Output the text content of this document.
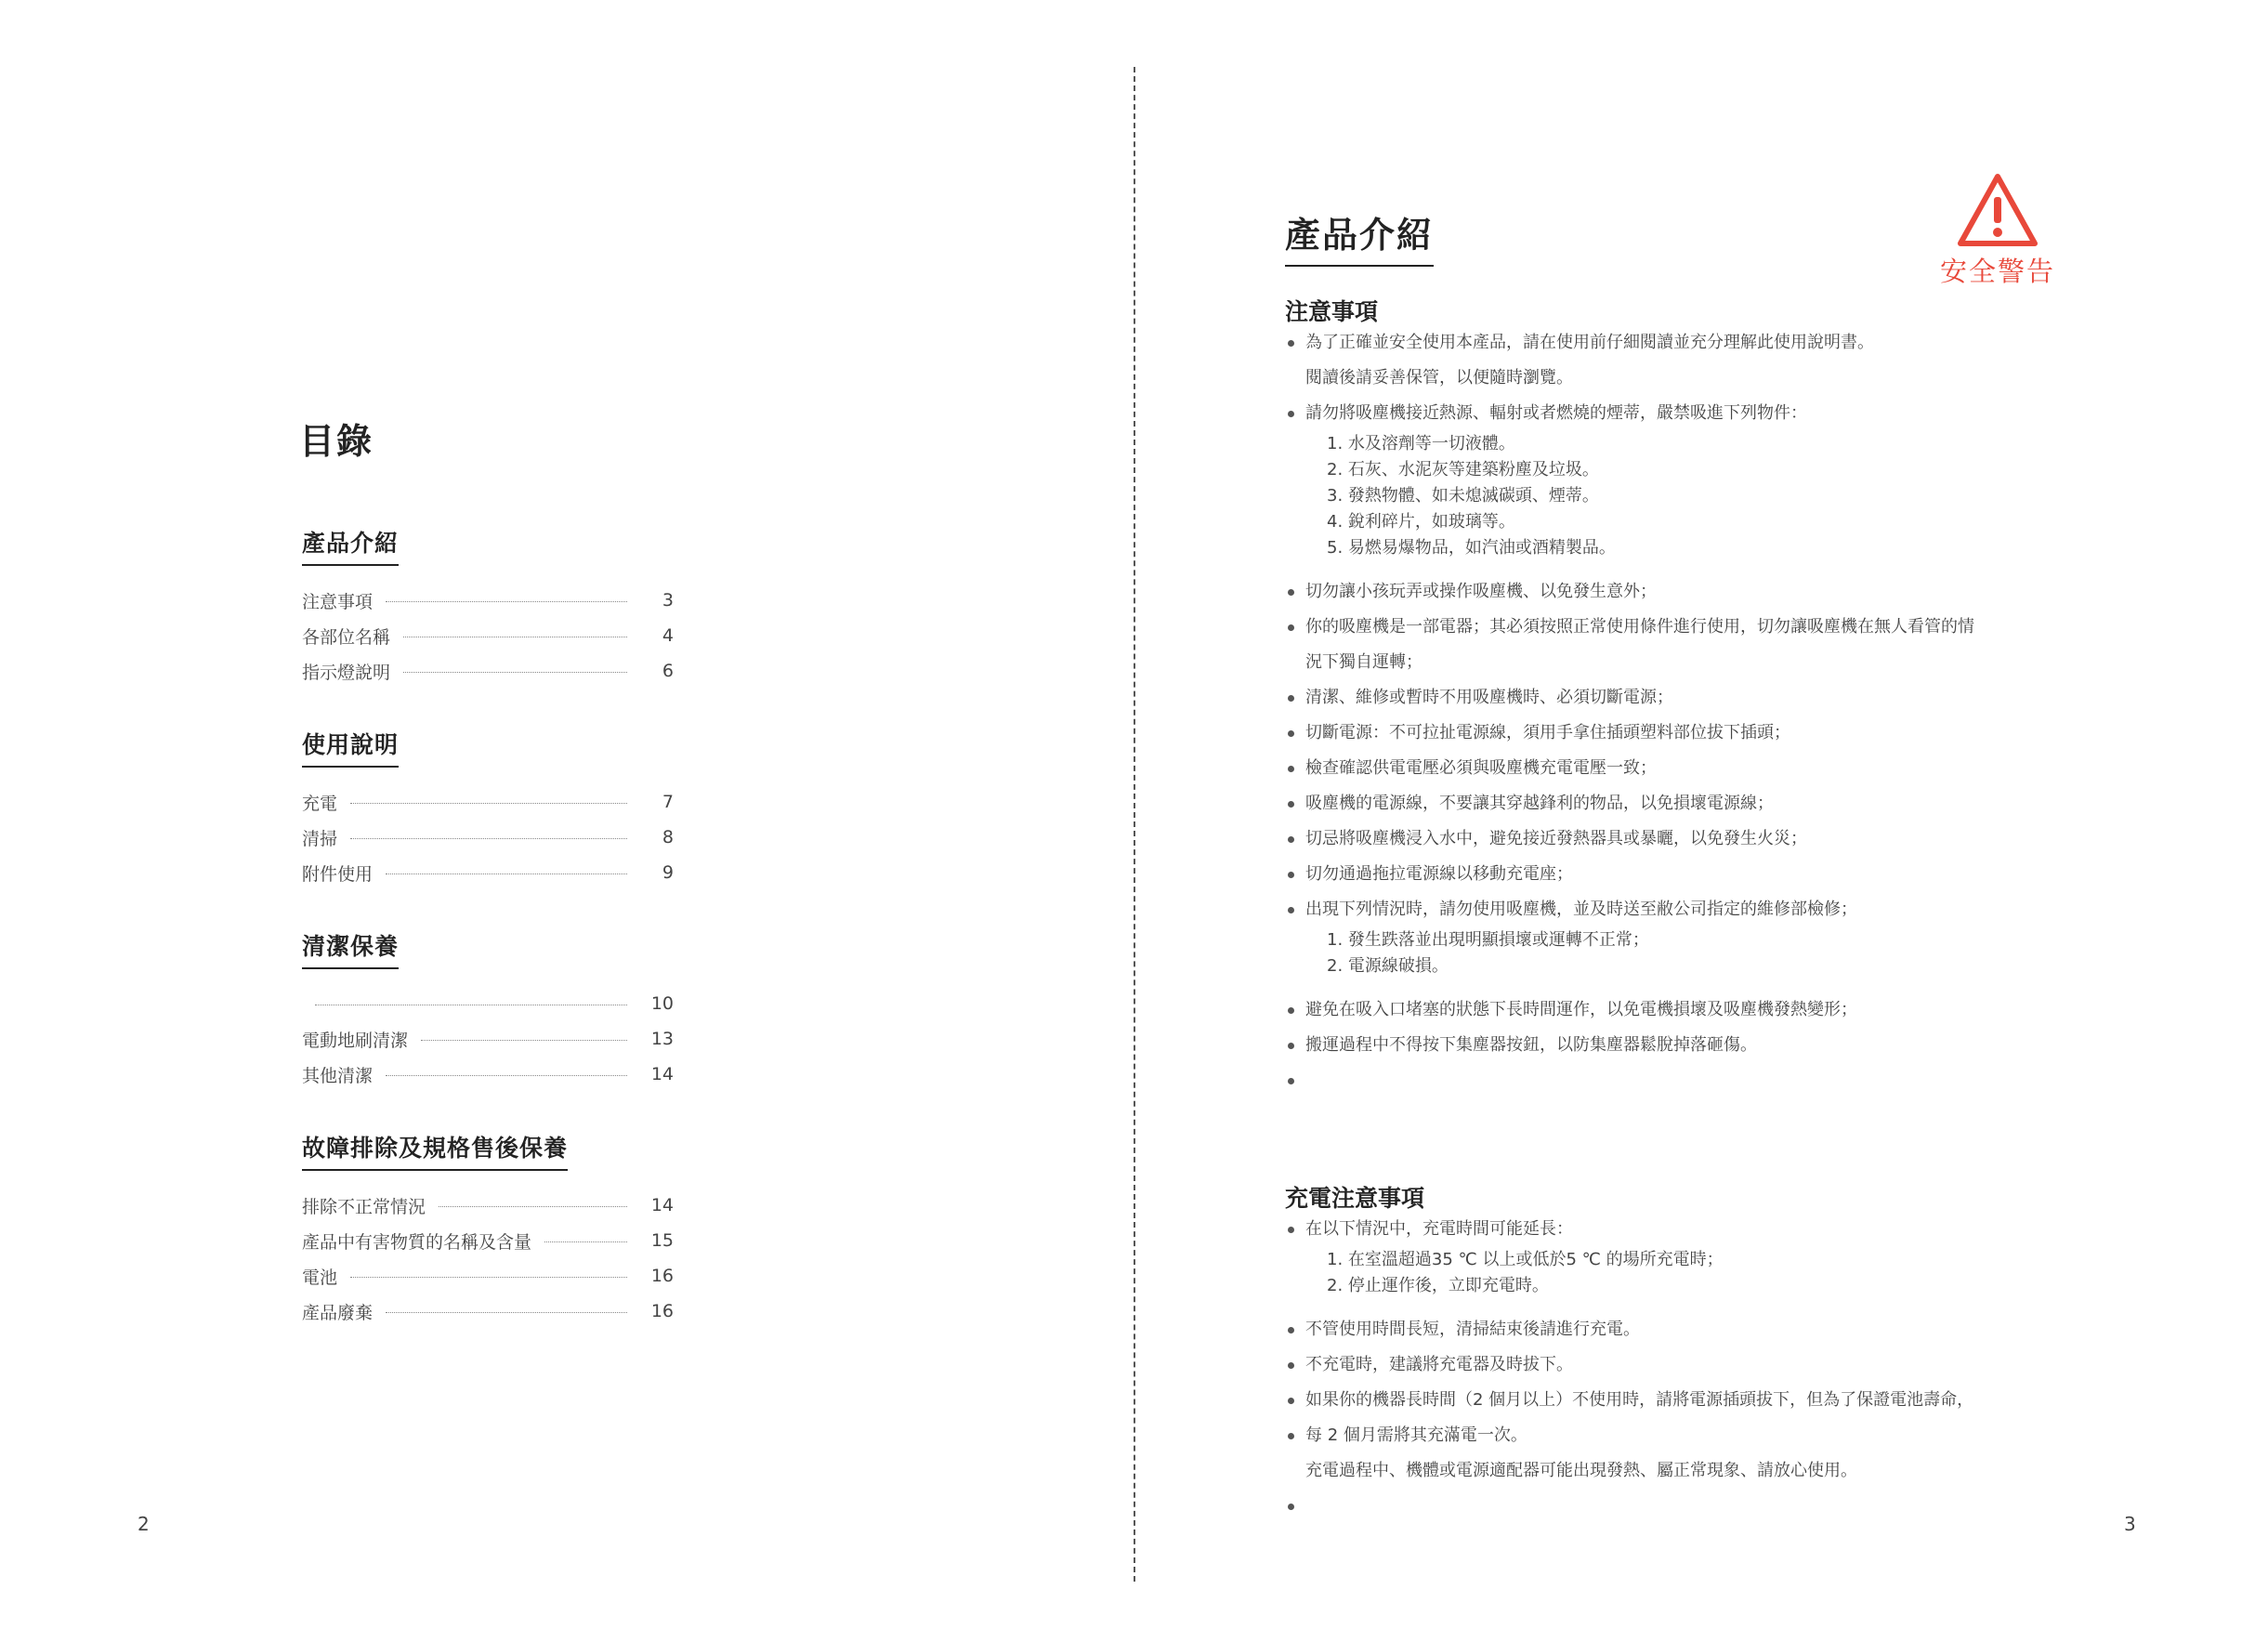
目錄
產品介紹
注意事項	3
各部位名稱	4
指示燈說明	6
使用說明
充電	7
清掃	8
附件使用	9
清潔保養
10
電動地刷清潔	13
其他清潔	14
故障排除及規格售後保養
排除不正常情況	14
產品中有害物質的名稱及含量	15
電池	16
產品廢棄	16
2
產品介紹
安全警告
注意事項
為了正確並安全使用本產品，請在使用前仔細閱讀並充分理解此使用說明書。
閱讀後請妥善保管，以便隨時瀏覽。
請勿將吸塵機接近熱源、輻射或者燃燒的煙蒂，嚴禁吸進下列物件：
1. 水及溶劑等一切液體。
2. 石灰、水泥灰等建築粉塵及垃圾。
3. 發熱物體、如未熄滅碳頭、煙蒂。
4. 銳利碎片，如玻璃等。
5. 易燃易爆物品，如汽油或酒精製品。
切勿讓小孩玩弄或操作吸塵機、以免發生意外；
你的吸塵機是一部電器；其必須按照正常使用條件進行使用，切勿讓吸塵機在無人看管的情
況下獨自運轉；
清潔、維修或暫時不用吸塵機時、必須切斷電源；
切斷電源：不可拉扯電源線，須用手拿住插頭塑料部位拔下插頭；
檢查確認供電電壓必須與吸塵機充電電壓一致；
吸塵機的電源線，不要讓其穿越鋒利的物品，以免損壞電源線；
切忌將吸塵機浸入水中，避免接近發熱器具或暴曬，以免發生火災；
切勿通過拖拉電源線以移動充電座；
出現下列情況時，請勿使用吸塵機，並及時送至敝公司指定的維修部檢修；
1. 發生跌落並出現明顯損壞或運轉不正常；
2. 電源線破損。
避免在吸入口堵塞的狀態下長時間運作，以免電機損壞及吸塵機發熱變形；
搬運過程中不得按下集塵器按鈕，以防集塵器鬆脫掉落砸傷。
充電注意事項
在以下情況中，充電時間可能延長：
1. 在室溫超過35 ℃ 以上或低於5 ℃ 的場所充電時；
2. 停止運作後，立即充電時。
不管使用時間長短，清掃結束後請進行充電。
不充電時，建議將充電器及時拔下。
如果你的機器長時間（2 個月以上）不使用時，請將電源插頭拔下，但為了保證電池壽命，
每 2 個月需將其充滿電一次。
充電過程中、機體或電源適配器可能出現發熱、屬正常現象、請放心使用。
3
